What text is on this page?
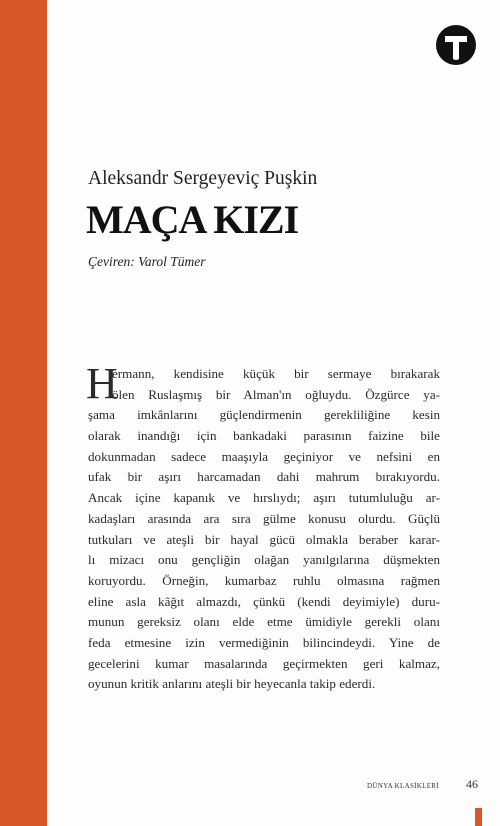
Aleksandr Sergeyeviç Puşkin
MAÇA KIZI
Çeviren: Varol Tümer
H
ermann, kendisine küçük bir sermaye bırakarak
ölen Ruslaşmış bir Alman'ın oğluydu. Özgürce ya-
şama imkânlarını güçlendirmenin gerekliliğine kesin
olarak inandığı için bankadaki parasının faizine bile
dokunmadan sadece maaşıyla geçiniyor ve nefsini en
ufak bir aşırı harcamadan dahi mahrum bırakıyordu.
Ancak içine kapanık ve hırslıydı; aşırı tutumluluğu ar-
kadaşları arasında ara sıra gülme konusu olurdu. Güçlü
tutkuları ve ateşli bir hayal gücü olmakla beraber karar-
lı mizacı onu gençliğin olağan yanılgılarına düşmekten
koruyordu. Örneğin, kumarbaz ruhlu olmasına rağmen
eline asla kâğıt almazdı, çünkü (kendi deyimiyle) duru-
munun gereksiz olanı elde etme ümidiyle gerekli olanı
feda etmesine izin vermediğinin bilincindeydi. Yine de
gecelerini kumar masalarında geçirmekten geri kalmaz,
oyunun kritik anlarını ateşli bir heyecanla takip ederdi.
DÜNYA KLASİKLERİ 46
